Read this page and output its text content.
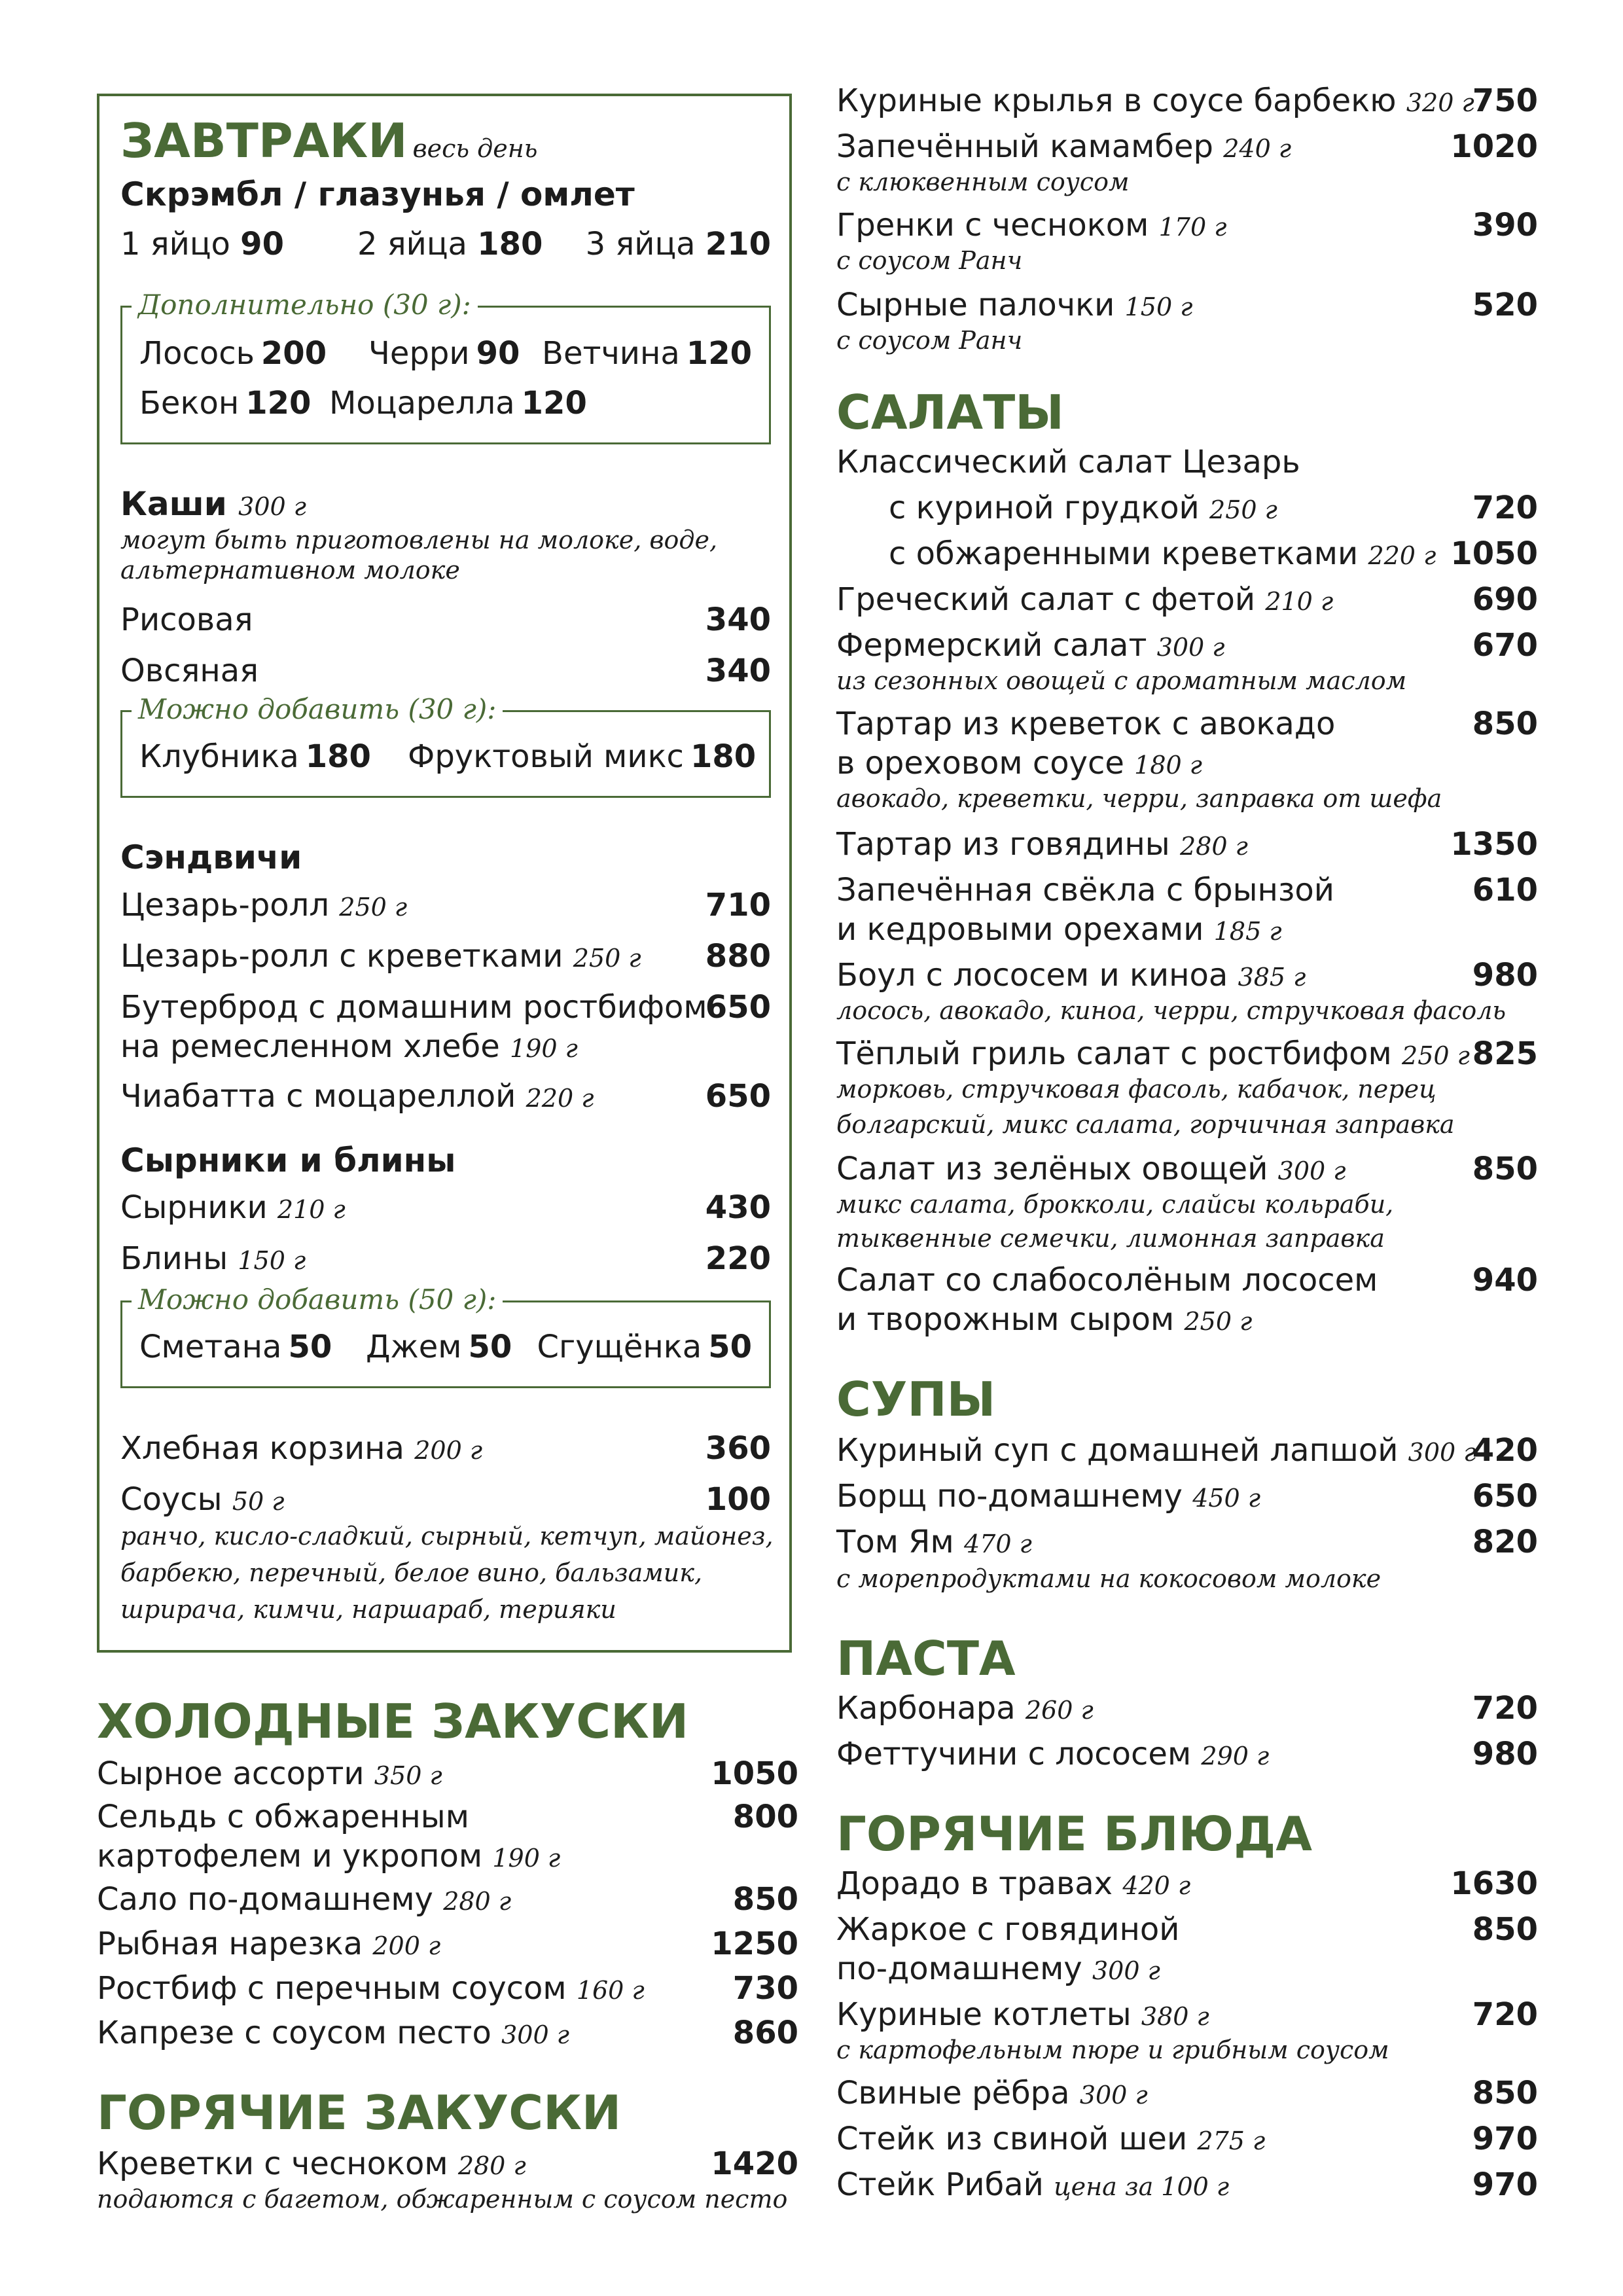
ЗАВТРАКИ весь день
Скрэмбл / глазунья / омлет
1 яйцо 90 2 яйца 180 3 яйца 210
Дополнительно (30 г):
Лосось 200 Черри 90 Ветчина 120
Бекон 120 Моцарелла 120
Каши 300 г
могут быть приготовлены на молоке, воде,
альтернативном молоке
Рисовая	340
Овсяная	340
Можно добавить (30 г):
Клубника 180 Фруктовый микс 180
Сэндвичи
Цезарь-ролл 250 г	710
Цезарь-ролл с креветками 250 г 880
Бутерброд с домашним ростбифом
на ремесленном хлебе 190 г
650
Чиабатта с моцареллой 220 г	650
Сырники и блины
Сырники 210 г	430
Блины 150 г	220
Можно добавить (50 г):
Сметана 50 Джем 50 Сгущёнка 50
Хлебная корзина 200 г	360
Соусы 50 г	100
ранчо, кисло-сладкий, сырный, кетчуп, майонез,
барбекю, перечный, белое вино, бальзамик,
шрирача, кимчи, наршараб, терияки
ХОЛОДНЫЕ ЗАКУСКИ
Сырное ассорти 350 г	1050
Сельдь с обжаренным
картофелем и укропом 190 г
800
Сало по-домашнему 280 г	850
Рыбная нарезка 200 г	1250
Ростбиф с перечным соусом 160 г	730
Капрезе с соусом песто 300 г	860
ГОРЯЧИЕ ЗАКУСКИ
Креветки с чесноком 280 г	1420
подаются с багетом, обжаренным с соусом песто
Куриные крылья в соусе барбекю 320 г
750
Запечённый камамбер 240 г	1020
с клюквенным соусом
Гренки с чесноком 170 г	390
с соусом Ранч
Сырные палочки 150 г	520
с соусом Ранч
САЛАТЫ
Классический салат Цезарь
с куриной грудкой 250 г	720
с обжаренными креветками 220 г 1050
Греческий салат с фетой 210 г	690
Фермерский салат 300 г	670
из сезонных овощей с ароматным маслом
Тартар из креветок с авокадо
в ореховом соусе 180 г
850
авокадо, креветки, черри, заправка от шефа
Тартар из говядины 280 г	1350
Запечённая свёкла с брынзой
и кедровыми орехами 185 г
610
Боул с лососем и киноа 385 г	980
лосось, авокадо, киноа, черри, стручковая фасоль
Тёплый гриль салат с ростбифом 250 г 825
морковь, стручковая фасоль, кабачок, перец
болгарский, микс салата, горчичная заправка
Салат из зелёных овощей 300 г	850
микс салата, брокколи, слайсы кольраби,
тыквенные семечки, лимонная заправка
Салат со слабосолёным лососем
и творожным сыром 250 г
940
СУПЫ
Куриный суп с домашней лапшой 300 г
420
Борщ по-домашнему 450 г	650
Том Ям 470 г	820
с морепродуктами на кокосовом молоке
ПАСТА
Карбонара 260 г	720
Феттучини с лососем 290 г	980
ГОРЯЧИЕ БЛЮДА
Дорадо в травах 420 г	1630
Жаркое с говядиной
по-домашнему 300 г
850
Куриные котлеты 380 г	720
с картофельным пюре и грибным соусом
Свиные рёбра 300 г	850
Стейк из свиной шеи 275 г	970
Стейк Рибай цена за 100 г	970
